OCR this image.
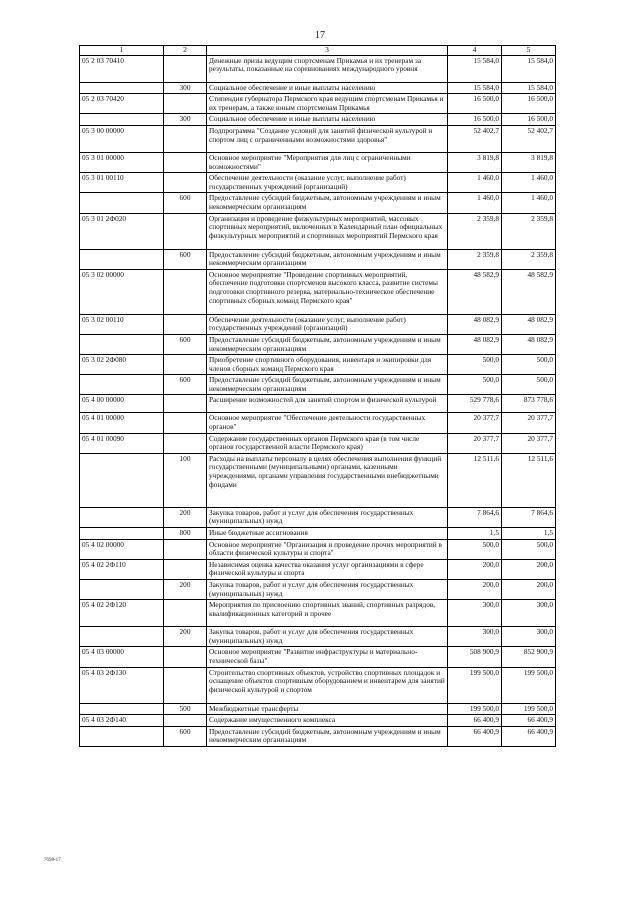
17
1	2	3	4	5
05 2 03 70410		Денежные призы ведущим спортсменам Прикамья и их тренерам за результаты, показанные на соревнованиях международного уровня	15 584,0	15 584,0
	300	Социальное обеспечение и иные выплаты населению	15 584,0	15 584,0
05 2 03 70420		Стипендия губернатора Пермского края ведущим спортсменам Прикамья и их тренерам, а также юным спортсменам Прикамья	16 500,0	16 500,0
	300	Социальное обеспечение и иные выплаты населению	16 500,0	16 500,0
05 3 00 00000		Подпрограмма "Создание условий для занятий физической культурой и спортом лиц с ограниченными возможностями здоровья"	52 402,7	52 402,7
05 3 01 00000		Основное мероприятие "Мероприятия для лиц с ограниченными возможностями"	3 819,8	3 819,8
05 3 01 00110		Обеспечение деятельности (оказание услуг, выполнение работ) государственных учреждений (организаций)	1 460,0	1 460,0
	600	Предоставление субсидий бюджетным, автономным учреждениям и иным некоммерческим организациям	1 460,0	1 460,0
05 3 01 2Ф020		Организация и проведение физкультурных мероприятий, массовых спортивных мероприятий, включенных в Календарный план официальных физкультурных мероприятий и спортивных мероприятий Пермского края	2 359,8	2 359,8
	600	Предоставление субсидий бюджетным, автономным учреждениям и иным некоммерческим организациям	2 359,8	2 359,8
05 3 02 00000		Основное мероприятие "Проведение спортивных мероприятий, обеспечение подготовки спортсменов высокого класса, развитие системы подготовки спортивного резерва, материально-техническое обеспечение спортивных сборных команд Пермского края"	48 582,9	48 582,9
05 3 02 00110		Обеспечение деятельности (оказание услуг, выполнение работ) государственных учреждений (организаций)	48 082,9	48 082,9
	600	Предоставление субсидий бюджетным, автономным учреждениям и иным некоммерческим организациям	48 082,9	48 082,9
05 3 02 2Ф080		Приобретение спортивного оборудования, инвентаря и экипировки для членов сборных команд Пермского края	500,0	500,0
	600	Предоставление субсидий бюджетным, автономным учреждениям и иным некоммерческим организациям	500,0	500,0
05 4 00 00000		Расширение возможностей для занятий спортом и физической культурой	529 778,6	873 778,6
05 4 01 00000		Основное мероприятие "Обеспечение деятельности государственных органов"	20 377,7	20 377,7
05 4 01 00090		Содержание государственных органов Пермского края (в том числе органов государственной власти Пермского края)	20 377,7	20 377,7
	100	Расходы на выплаты персоналу в целях обеспечения выполнения функций государственными (муниципальными) органами, казенными учреждениями, органами управления государственными внебюджетными фондами	12 511,6	12 511,6
	200	Закупка товаров, работ и услуг для обеспечения государственных (муниципальных) нужд	7 864,6	7 864,6
	800	Иные бюджетные ассигнования	1,5	1,5
05 4 02 00000		Основное мероприятие "Организация и проведение прочих мероприятий в области физической культуры и спорта"	500,0	500,0
05 4 02 2Ф110		Независимая оценка качества оказания услуг организациями в сфере физической культуры и спорта	200,0	200,0
	200	Закупка товаров, работ и услуг для обеспечения государственных (муниципальных) нужд	200,0	200,0
05 4 02 2Ф120		Мероприятия по присвоению спортивных званий, спортивных разрядов, квалификационных категорий и прочее	300,0	300,0
	200	Закупка товаров, работ и услуг для обеспечения государственных (муниципальных) нужд	300,0	300,0
05 4 03 00000		Основное мероприятие "Развитие инфраструктуры и материально-технической базы"	508 900,9	852 900,9
05 4 03 2Ф130		Строительство спортивных объектов, устройство спортивных площадок и оснащение объектов спортивным оборудованием и инвентарем для занятий физической культурой и спортом	199 500,0	199 500,0
	500	Межбюджетные трансферты	199 500,0	199 500,0
05 4 03 2Ф140		Содержание имущественного комплекса	66 400,9	66 400,9
	600	Предоставление субсидий бюджетным, автономным учреждениям и иным некоммерческим организациям	66 400,9	66 400,9
7698-17
